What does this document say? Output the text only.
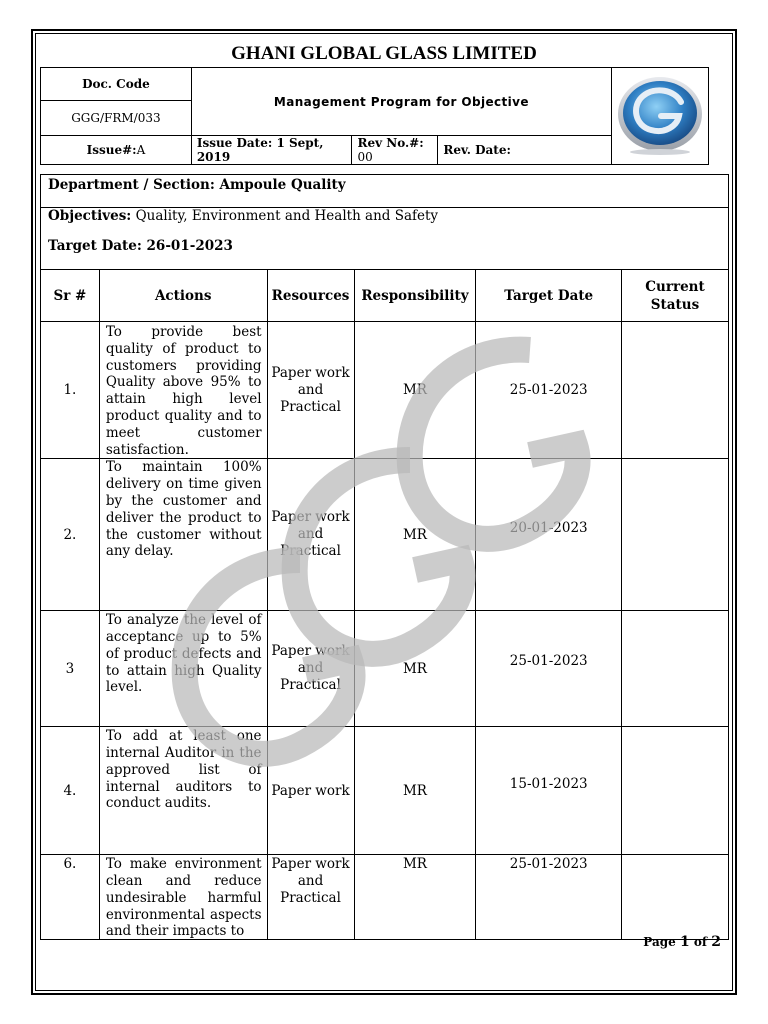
GHANI GLOBAL GLASS LIMITED
Doc. Code	Management Program for Objective	
GGG/FRM/033				
Issue#:A	Issue Date: 1 Sept, 2019	Rev No.#: 00	Rev. Date:	
Department / Section: Ampoule Quality

Objectives: Quality, Environment and Health and Safety
Target Date: 26-01-2023
Sr #	Actions	Resources	Responsibility	Target Date	Current Status
1.	To provide best quality of product to customers providing Quality above 95% to attain high level product quality and to meet customer satisfaction.	Paper work and Practical	MR	25-01-2023	
2.	To maintain 100% delivery on time given by the customer and deliver the product to the customer without any delay.	Paper work and Practical	MR	20-01-2023	
3	To analyze the level of acceptance up to 5% of product defects and to attain high Quality level.	Paper work and Practical	MR	25-01-2023	
4.	To add at least one internal Auditor in the approved list of internal auditors to conduct audits.	Paper work	MR	15-01-2023	
6.	To make environment clean and reduce undesirable harmful environmental aspects and their impacts to	Paper work and Practical	MR	25-01-2023	
Page 1 of 2
